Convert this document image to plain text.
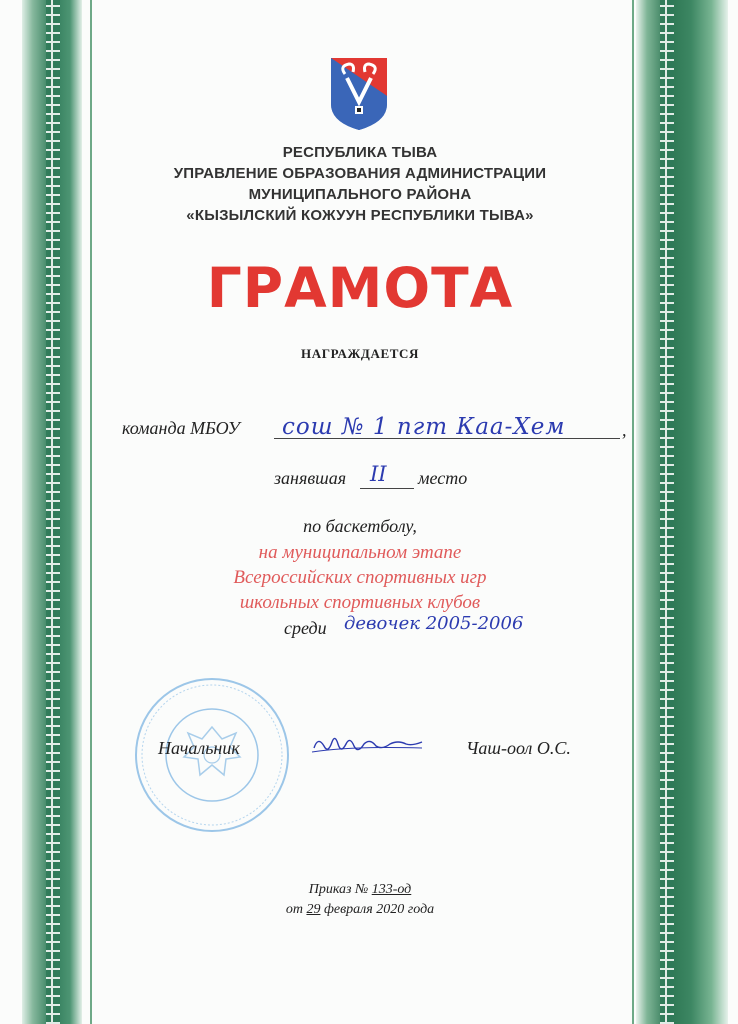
РЕСПУБЛИКА ТЫВА
УПРАВЛЕНИЕ ОБРАЗОВАНИЯ АДМИНИСТРАЦИИ
МУНИЦИПАЛЬНОГО РАЙОНА
«КЫЗЫЛСКИЙ КОЖУУН РЕСПУБЛИКИ ТЫВА»
ГРАМОТА
НАГРАЖДАЕТСЯ
команда МБОУ сош № 1 пгт Каа-Хем	,
занявшая II место
по баскетболу,
на муниципальном этапе
Всероссийских спортивных игр
школьных спортивных клубов
среди девочек 2005-2006
Начальник	Чаш-оол О.С.
Приказ № 133-од
от 29 февраля 2020 года
